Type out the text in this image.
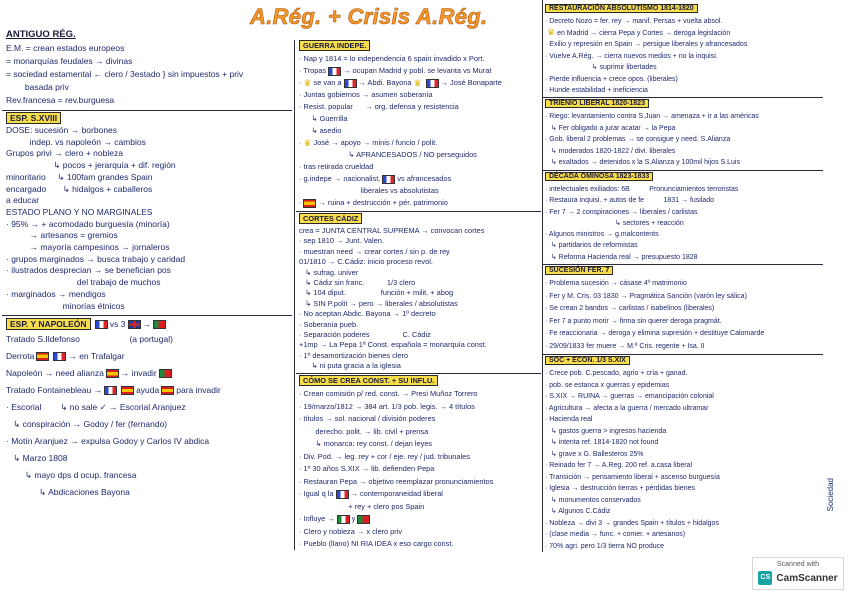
A.Rég. + Crisis A.Rég.
ANTIGUO RÉG.
E.M. = crean estados europeos
= monarquías feudales → divinas
= sociedad estamental ← clero / 3estado } sin impuestos + priv
basada priv
Rev.francesa = rev.burguesa
ESP. S.XVIII
DOSE: sucesión → borbones
indep. vs napoleón → cambios
Grupos privi → clero + nobleza
↳ pocos + jerarquía + dif. región
minoritario     ↳ 100fam grandes Spain
encargado       ↳ hidalgos + caballeros
a educar
ESTADO PLANO Y NO MARGINALES
· 95% → + acomodado burguesía (minoría)
→ artesanos = gremios
→ mayoría campesinos → jornaleros
· grupos marginados → busca trabajo y caridad
· ilustrados desprecian → se benefician pos
del trabajo de muchos
· marginados → mendigos
minorías étnicos
ESP. Y NAPOLEÓN	vs 3 →
Tratado S.Ildefonso                     (a portugal)
Derrota	→ en Trafalgar
Napoleón → need alianza → invadir
Tratado Fontainebleau →	ayuda para invadir
· Escorial        ↳ no sale ✓ → Escorial Aranjuez
↳ conspiración → Godoy / fer (fernando)
· Motín Aranjuez → expulsa Godoy y Carlos IV abdica
↳ Marzo 1808
↳ mayo dps d ocup. francesa
↳ Abdicaciones Bayona
GUERRA INDEPE.
· Nap y 1814 = lo independencia 6 spain invadido x Port.
· Tropas → ocupan Madrid y pobl. se levanta vs Murat
· ♛ se van a → Abdi. Bayona ♛	→ José Bonaparte
· Juntas gobiernos → asumen soberanía
· Resist. popular      → org. defensa y resistencia
↳ Guerrilla
↳ asedio
· ♛ José → apoyo → minis / funcio / polit.
↳ AFRANCESADOS / NO perseguidos
· tras retirada crueldad
· g.indepe → nacionalist. vs afrancesados
liberales vs absolutistas
· → ruina + destrucción + pér. patrimonio
CORTES CÁDIZ
crea = JUNTA CENTRAL SUPREMA → convocan cortes
· sep 1810 → Junt. Valen.
· muestran need → crear cortes / sin p. de rey
01/1810 → C.Cádiz: inicio proceso revol.
↳ sufrag. univer
↳ Cádiz sin franc.           1/3 clero
↳ 104 diput.                 función + milit. + abog
↳ SIN P.polit → pero → liberales / absolutistas
· No aceptan Abdic. Bayona → 1º decreto
· Soberanía pueb.
· Separación poderes                C. Cádiz
+1mp → La Pepa 1ª Const. española = monarquía const.
· 1º desamortización bienes clero
↳ ni puta gracia a la iglesia
CÓMO SE CREA CONST. + SU INFLU.
· Crean comisión p/ red. const. → Presi Muñoz Torrero
· 19/marzo/1812 → 384 art. 1/3 pob. legis. → 4 títulos
· títulos → sol. nacional / división poderes
derecho. polit. → lib. civil + prensa
↳ monarca: rey const. / dejan leyes
· Div. Pod. → leg. rey + cor / eje. rey / jud. tribunales
· 1º 30 años S.XIX → lib. defienden Pepa
· Restauran Pepa → objetivo reemplazar pronunciamientos
· Igual q la → contemporaneidad liberal
+ rey + clero pos Spain
· Influye → y
· Clero y nobleza → x clero priv
· Pueblo (llano) NI RIA IDEA x eso cargo const.
RESTAURACIÓN ABSOLUTISMO 1814-1820
· Decreto Nozo = fer. rey → manif. Persas + vuelta absol.
♛ en Madrid → cierra Pepa y Cortes → deroga legislación
· Exilio y represión en Spain → persigue liberales y afrancesados
· Vuelve A.Rég. → cierra nuevos medios + no la inquisi.
↳ suprimir libertades
· Pierde influencia + crece opos. (liberales)
· Hunde estabilidad + ineficiencia
TRIENIO LIBERAL 1820-1823
· Riego: levantamiento contra S.Juan → amenaza + ir a las américas
↳ Fer obligado a jurar acatar → la Pepa
· Gob. liberal 2 problemas → se consigue y need. S.Alianza
↳ moderados 1820-1822 / divi. liberales
↳ exaltados → detenidos x la S.Alianza y 100mil hijos S.Luis
DÉCADA OMINOSA 1823-1833
· intelectuales exiliados: 6B          Pronunciamientos terroristas
· Restaura inquisi. + autos de fe          1831 → fusilado
· Fer 7 → 2 conspiraciones → liberales / carlistas
↳ sectores + reacción
· Algunos ministros → g.malcontents
↳ partidarios de reformistas
↳ Reforma Hacienda real → presupuesto 1828
SUCESIÓN FER. 7
· Problema sucesión → cásase 4º matrimonio
· Fer y M. Cris. 03 1830 → Pragmática Sanción (varón ley sálica)
· Se crean 2 bandos → carlistas / isabelinos (liberales)
· Fer 7 a punto morir → firma sin querer deroga pragmát.
· Fe reaccionaria → deroga y elimina supresión + destituye Calomarde
· 29/09/1833 fer muere → M.ª Cris. regente + Isa. II
SOC + ECON. 1/3 S.XIX
· Crece pob. C.pescado, agrio + cría + ganad.
· pob. se estanca x guerras y epidemias
· S.XIX → RUINA → guerras → emancipación colonial
· Agricultura → afecta a la guerra / mercado ultramar
· Hacienda real
↳ gastos guerra > ingresos hacienda
↳ intenta ref. 1814-1820 not found
↳ grave x G. Ballesteros 25%
· Reinado fer 7 → A.Reg. 200 ref. a.casa liberal
· Transición → pensamiento liberal + ascenso burguesía
· Iglesia → destrucción tierras + pérdidas bienes
↳ monumentos conservados
↳ Algunos C.Cádiz
· Nobleza → divi 3 → grandes Spain + títulos + hidalgos
· (clase media → func. + comer. + artesanos)
· 70% agri. pero 1/3 tierra NO produce
Sociedad
Scanned with
CS CamScanner
